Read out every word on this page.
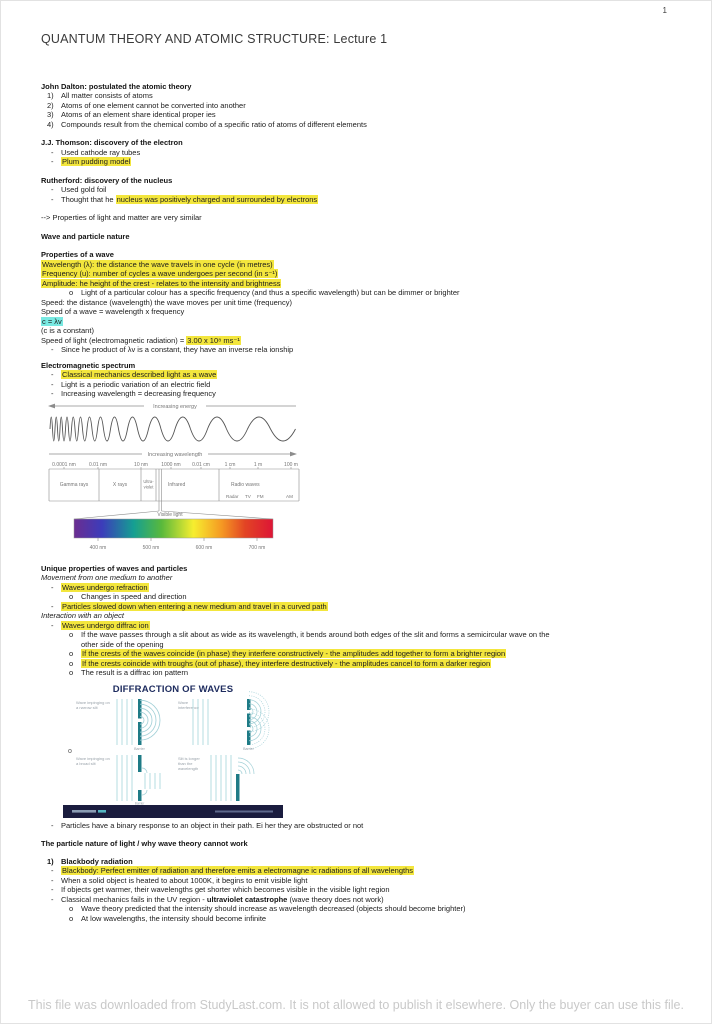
1
QUANTUM THEORY AND ATOMIC STRUCTURE: Lecture 1
John Dalton: postulated the atomic theory
1) All matter consists of atoms
2) Atoms of one element cannot be converted into another
3) Atoms of an element share identical proper ies
4) Compounds result from the chemical combo of a specific ratio of atoms of different elements
J.J. Thomson: discovery of the electron
-	Used cathode ray tubes
-	Plum pudding model
Rutherford: discovery of the nucleus
-	Used gold foil
-	Thought that he nucleus was positively charged and surrounded by electrons
--> Properties of light and matter are very similar
Wave and particle nature
Properties of a wave
Wavelength (λ): the distance the wave travels in one cycle (in metres)
Frequency (u): number of cycles a wave undergoes per second (in s⁻¹)
Amplitude: he height of the crest - relates to the intensity and brightness
o	Light of a particular colour has a specific frequency (and thus a specific wavelength) but can be dimmer or brighter
Speed: the distance (wavelength) the wave moves per unit time (frequency)
Speed of a wave = wavelength x frequency
c = λv
(c is a constant)
Speed of light (electromagnetic radiation) = 3.00 x 10⁸ ms⁻¹
-	Since he product of λv is a constant, they have an inverse rela ionship
Electromagnetic spectrum
-	Classical mechanics described light as a wave
-	Light is a periodic variation of an electric field
-	Increasing wavelength = decreasing frequency
Increasing energy
Increasing wavelength
0.0001 nm	0.01 nm	10 nm	1000 nm 0.01 cm	1 cm	1 m	100 m
Gamma rays	X rays
Ultra-
violet	Infrared	Radio waves
Radar TV FM	AM
Visible light
400 nm	500 nm	600 nm	700 nm
Unique properties of waves and particles
Movement from one medium to another
-	Waves undergo refraction
o	Changes in speed and direction
-	Particles slowed down when entering a new medium and travel in a curved path
Interaction with an object
-	Waves undergo diffrac ion
o	If the wave passes through a slit about as wide as its wavelength, it bends around both edges of the slit and forms a semicircular wave on the other side of the opening
o	If the crests of the waves coincide (in phase) they interfere constructively - the amplitudes add together to form a brighter region
o	If the crests coincide with troughs (out of phase), they interfere destructively - the amplitudes cancel to form a darker region
o	The result is a diffrac ion pattern
DIFFRACTION OF WAVES
o
Wave impinging on
a narrow slit
Barrier
Wave
interference
Barrier
Wave impinging on
a broad slit
Barrier
Slit is longer
than the
wavelength
-	Particles have a binary response to an object in their path. Ei her they are obstructed or not
The particle nature of light / why wave theory cannot work
1) Blackbody radiation
-	Blackbody: Perfect emitter of radiation and therefore emits a electromagne ic radiations of all wavelengths
-	When a solid object is heated to about 1000K, it begins to emit visible light
-	If objects get warmer, their wavelengths get shorter which becomes visible in the visible light region
-	Classical mechanics fails in the UV region - ultraviolet catastrophe (wave theory does not work)
o	Wave theory predicted that the intensity should increase as wavelength decreased (objects should become brighter)
o	At low wavelengths, the intensity should become infinite
This file was downloaded from StudyLast.com. It is not allowed to publish it elsewhere. Only the buyer can use this file.
